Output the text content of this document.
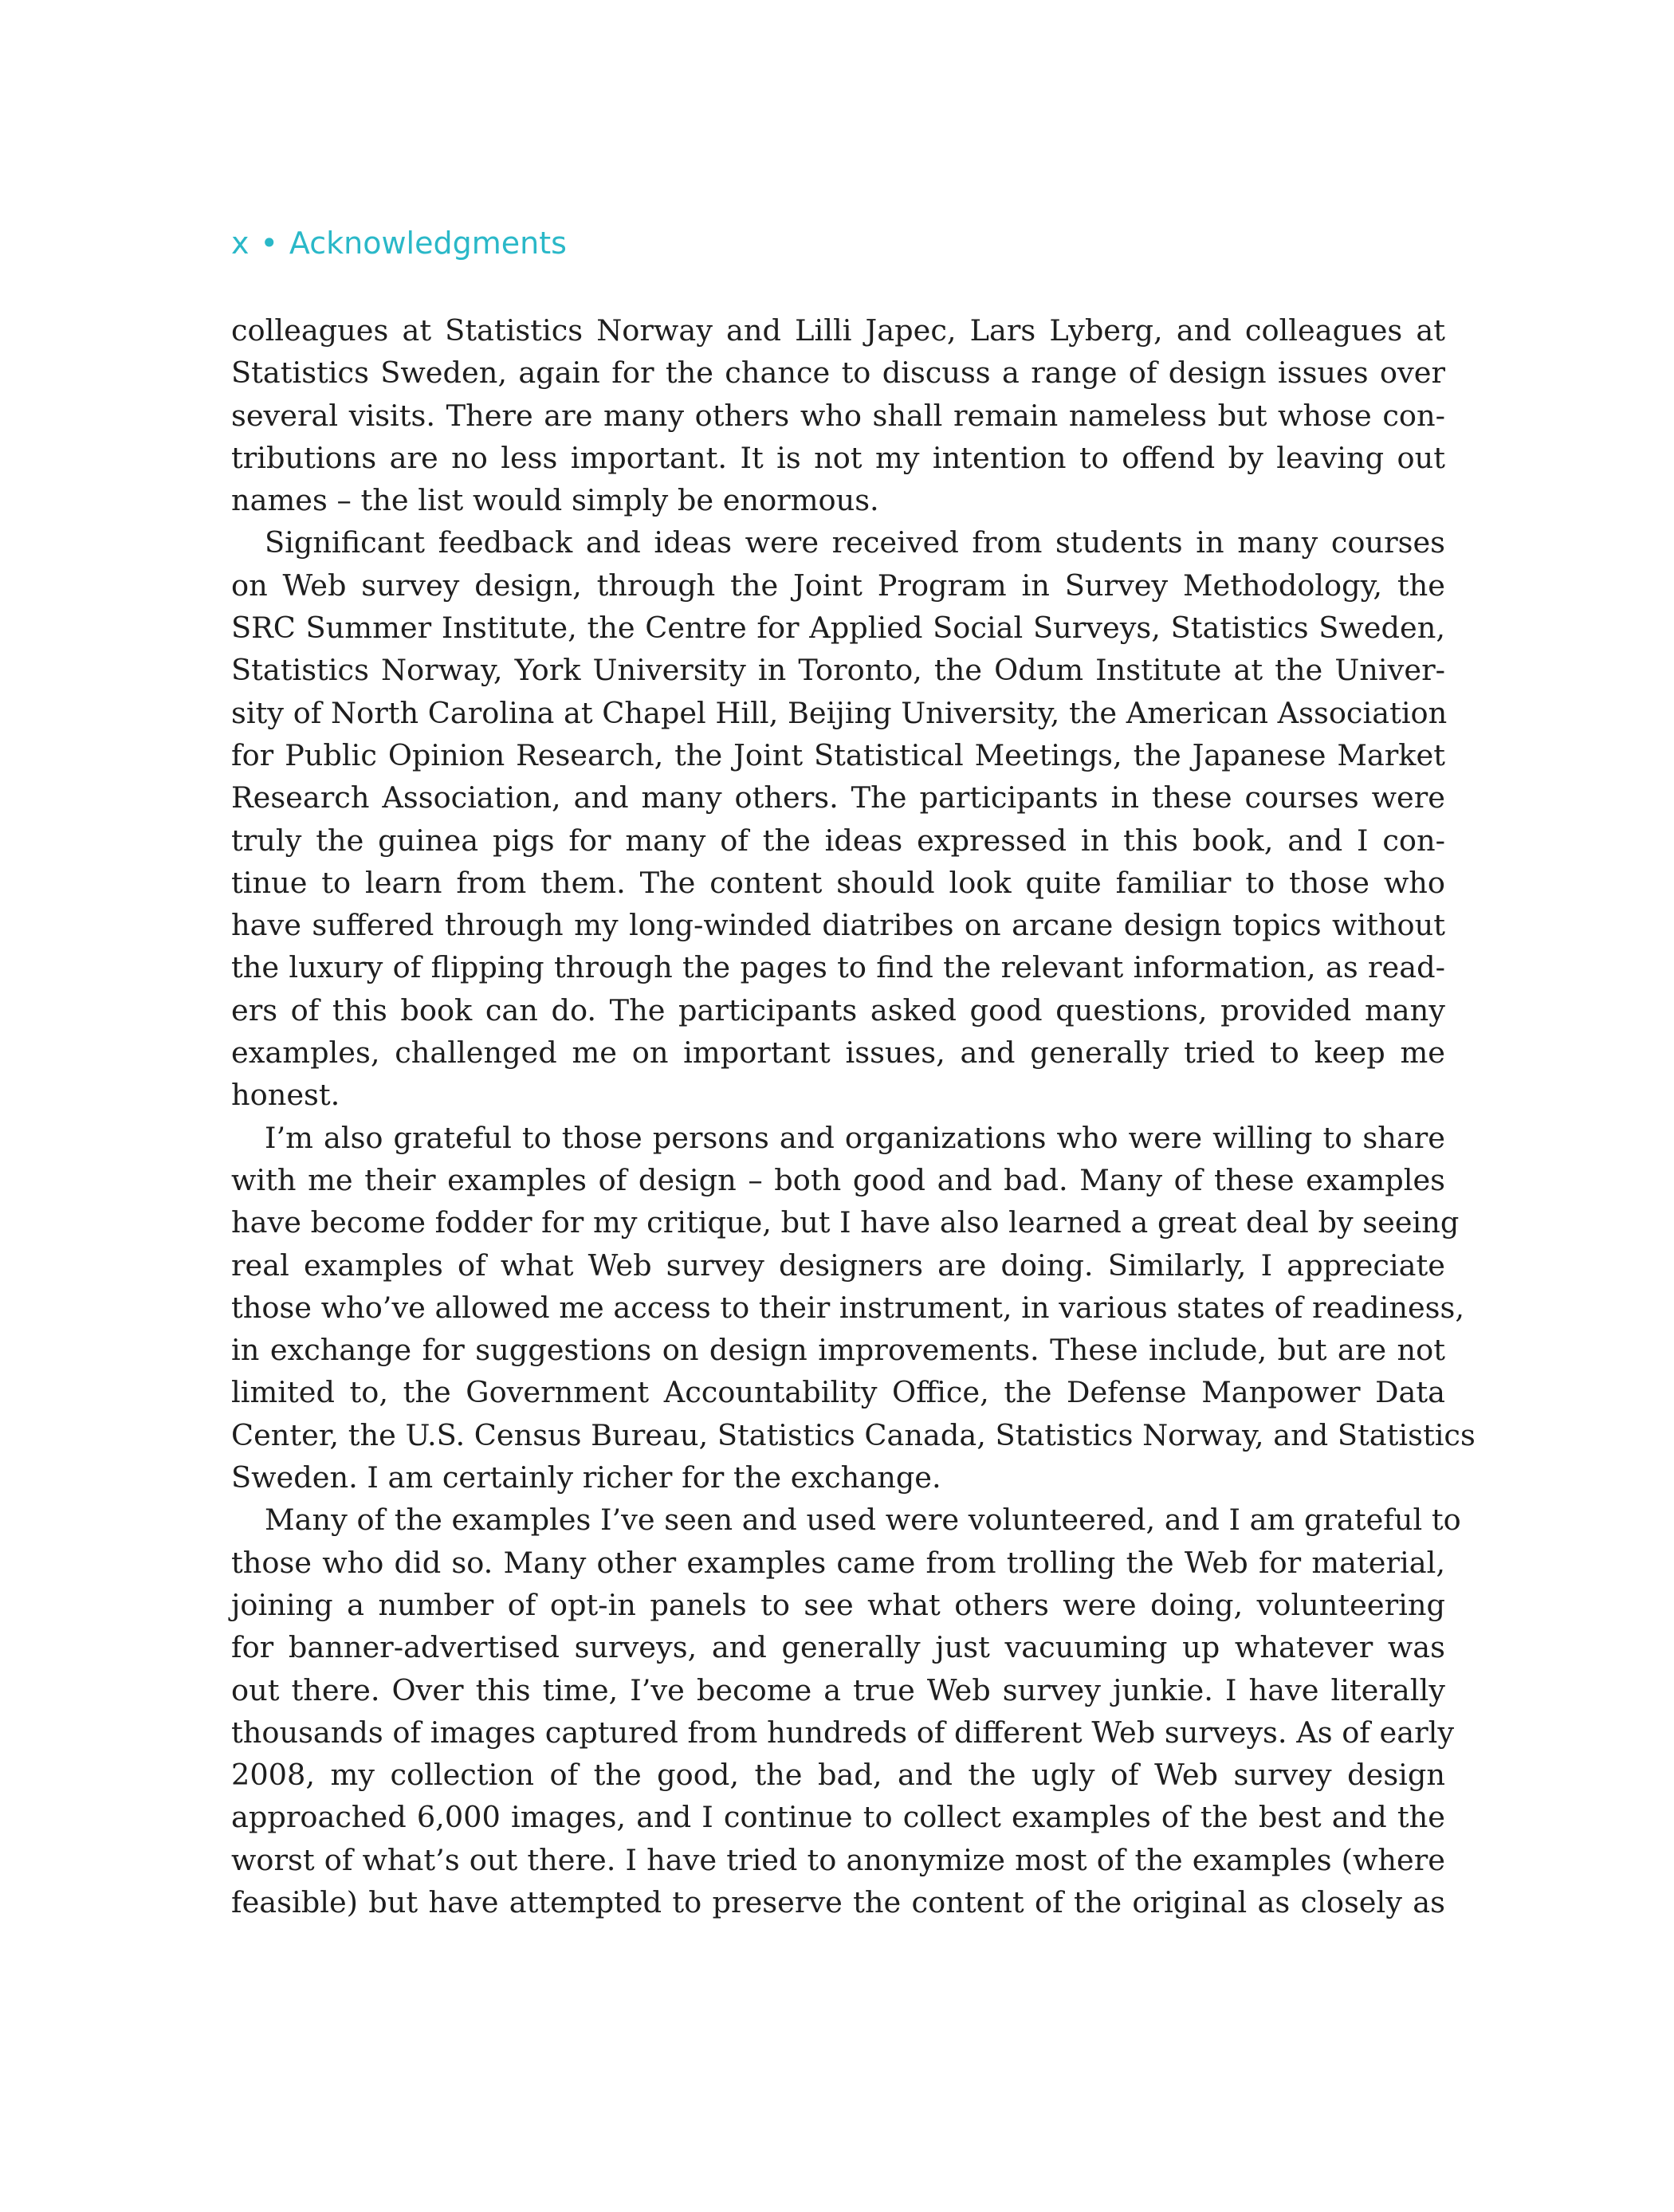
x • Acknowledgments
colleagues at Statistics Norway and Lilli Japec, Lars Lyberg, and colleagues at
Statistics Sweden, again for the chance to discuss a range of design issues over
several visits. There are many others who shall remain nameless but whose con-
tributions are no less important. It is not my intention to offend by leaving out
names – the list would simply be enormous.
Significant feedback and ideas were received from students in many courses
on Web survey design, through the Joint Program in Survey Methodology, the
SRC Summer Institute, the Centre for Applied Social Surveys, Statistics Sweden,
Statistics Norway, York University in Toronto, the Odum Institute at the Univer-
sity of North Carolina at Chapel Hill, Beijing University, the American Association
for Public Opinion Research, the Joint Statistical Meetings, the Japanese Market
Research Association, and many others. The participants in these courses were
truly the guinea pigs for many of the ideas expressed in this book, and I con-
tinue to learn from them. The content should look quite familiar to those who
have suffered through my long-winded diatribes on arcane design topics without
the luxury of flipping through the pages to find the relevant information, as read-
ers of this book can do. The participants asked good questions, provided many
examples, challenged me on important issues, and generally tried to keep me
honest.
I’m also grateful to those persons and organizations who were willing to share
with me their examples of design – both good and bad. Many of these examples
have become fodder for my critique, but I have also learned a great deal by seeing
real examples of what Web survey designers are doing. Similarly, I appreciate
those who’ve allowed me access to their instrument, in various states of readiness,
in exchange for suggestions on design improvements. These include, but are not
limited to, the Government Accountability Office, the Defense Manpower Data
Center, the U.S. Census Bureau, Statistics Canada, Statistics Norway, and Statistics
Sweden. I am certainly richer for the exchange.
Many of the examples I’ve seen and used were volunteered, and I am grateful to
those who did so. Many other examples came from trolling the Web for material,
joining a number of opt-in panels to see what others were doing, volunteering
for banner-advertised surveys, and generally just vacuuming up whatever was
out there. Over this time, I’ve become a true Web survey junkie. I have literally
thousands of images captured from hundreds of different Web surveys. As of early
2008, my collection of the good, the bad, and the ugly of Web survey design
approached 6,000 images, and I continue to collect examples of the best and the
worst of what’s out there. I have tried to anonymize most of the examples (where
feasible) but have attempted to preserve the content of the original as closely as
